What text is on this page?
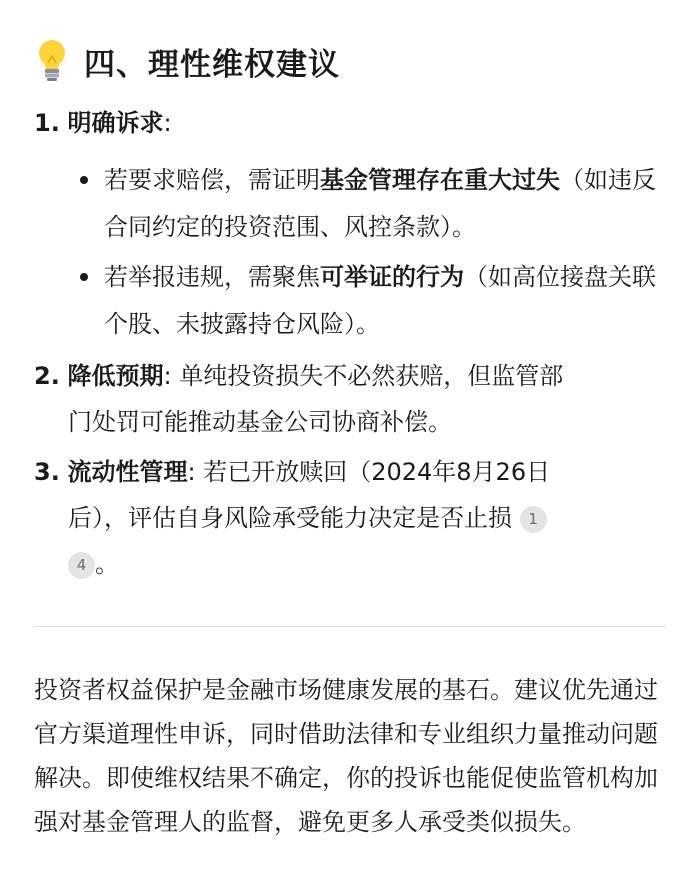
四、理性维权建议
1. 明确诉求:
若要求赔偿，需证明基金管理存在重大过失（如违反合同约定的投资范围、风控条款）。
若举报违规，需聚焦可举证的行为（如高位接盘关联个股、未披露持仓风险）。
2. 降低预期: 单纯投资损失不必然获赔，但监管部
门处罚可能推动基金公司协商补偿。
3. 流动性管理: 若已开放赎回（2024年8月26日
后），评估自身风险承受能力决定是否止损 1
4 。
投资者权益保护是金融市场健康发展的基石。建议优先通过官方渠道理性申诉，同时借助法律和专业组织力量推动问题解决。即使维权结果不确定，你的投诉也能促使监管机构加强对基金管理人的监督，避免更多人承受类似损失。
